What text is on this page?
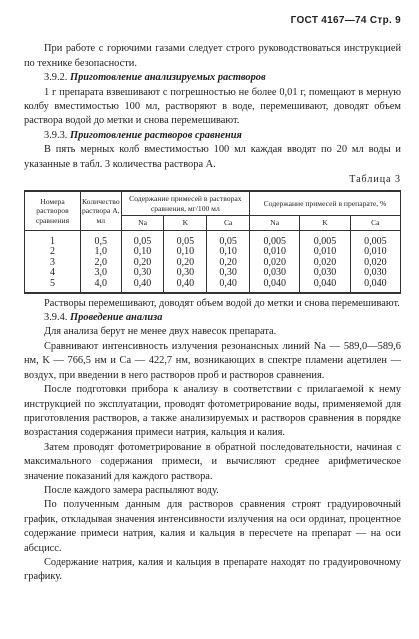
ГОСТ 4167—74 Стр. 9

При работе с горючими газами следует строго руководствоваться инструкцией по технике безопасности.

3.9.2. Приготовление анализируемых растворов

1 г препарата взвешивают с погрешностью не более 0,01 г, помещают в мерную колбу вместимостью 100 мл, растворяют в воде, перемешивают, доводят объем раствора водой до метки и снова перемешивают.

3.9.3. Приготовление растворов сравнения

В пять мерных колб вместимостью 100 мл каждая вводят по 20 мл воды и указанные в табл. 3 количества раствора А.

Таблица 3
Номера растворов сравнения	Количество раствора А, мл	Содержание примесей в растворах сравнения, мг/100 мл			Содержание примесей в препарате, %		
		Na	K	Ca	Na	K	Ca
1	0,5	0,05	0,05	0,05	0,005	0,005	0,005
2	1,0	0,10	0,10	0,10	0,010	0,010	0,010
3	2,0	0,20	0,20	0,20	0,020	0,020	0,020
4	3,0	0,30	0,30	0,30	0,030	0,030	0,030
5	4,0	0,40	0,40	0,40	0,040	0,040	0,040

Растворы перемешивают, доводят объем водой до метки и снова перемешивают.

3.9.4. Проведение анализа

Для анализа берут не менее двух навесок препарата.

Сравнивают интенсивность излучения резонансных линий Na — 589,0—589,6 нм, K — 766,5 нм и Ca — 422,7 нм, возникающих в спектре пламени ацетилен — воздух, при введении в него растворов проб и растворов сравнения.

После подготовки прибора к анализу в соответствии с прилагаемой к нему инструкцией по эксплуатации, проводят фотометрирование воды, применяемой для приготовления растворов, а также анализируемых и растворов сравнения в порядке возрастания содержания примеси натрия, кальция и калия.

Затем проводят фотометрирование в обратной последовательности, начиная с максимального содержания примеси, и вычисляют среднее арифметическое значение показаний для каждого раствора.

После каждого замера распыляют воду.

По полученным данным для растворов сравнения строят градуировочный график, откладывая значения интенсивности излучения на оси ординат, процентное содержание примеси натрия, калия и кальция в пересчете на препарат — на оси абсцисс.

Содержание натрия, калия и кальция в препарате находят по градуировочному графику.
